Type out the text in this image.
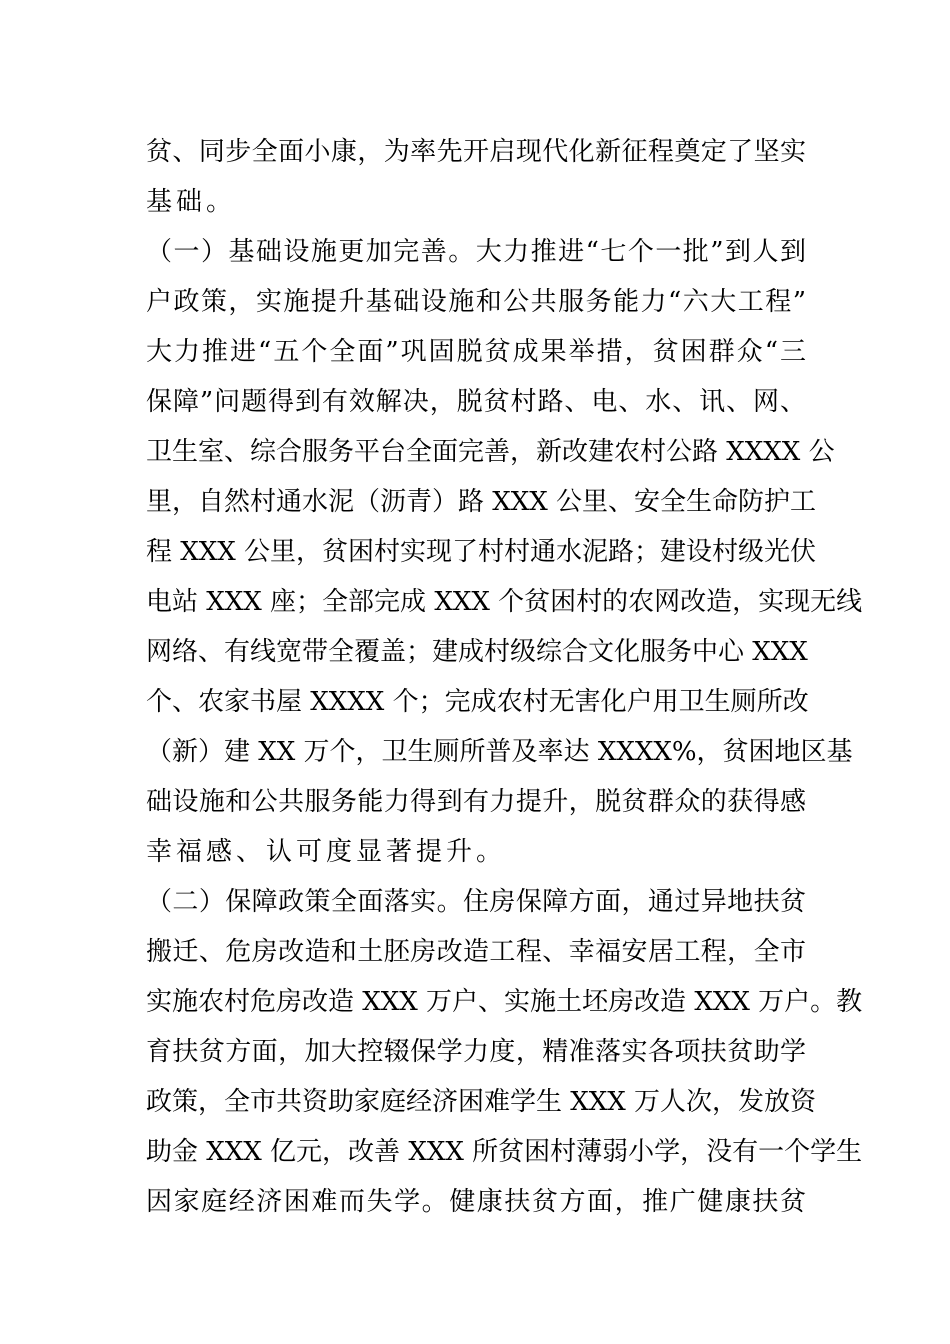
贫、同步全面小康，为率先开启现代化新征程奠定了坚实
基础。
（一）基础设施更加完善。大力推进“七个一批”到人到
户政策，实施提升基础设施和公共服务能力“六大工程”
大力推进“五个全面”巩固脱贫成果举措，贫困群众“三
保障”问题得到有效解决，脱贫村路、电、水、讯、网、
卫生室、综合服务平台全面完善，新改建农村公路 XXXX 公
里，自然村通水泥（沥青）路 XXX 公里、安全生命防护工
程 XXX 公里，贫困村实现了村村通水泥路；建设村级光伏
电站 XXX 座；全部完成 XXX 个贫困村的农网改造，实现无线
网络、有线宽带全覆盖；建成村级综合文化服务中心 XXX
个、农家书屋 XXXX 个；完成农村无害化户用卫生厕所改
（新）建 XX 万个，卫生厕所普及率达 XXXX%，贫困地区基
础设施和公共服务能力得到有力提升，脱贫群众的获得感
幸福感、认可度显著提升。
（二）保障政策全面落实。住房保障方面，通过异地扶贫
搬迁、危房改造和土胚房改造工程、幸福安居工程，全市
实施农村危房改造 XXX 万户、实施土坯房改造 XXX 万户。教
育扶贫方面，加大控辍保学力度，精准落实各项扶贫助学
政策，全市共资助家庭经济困难学生 XXX 万人次，发放资
助金 XXX 亿元，改善 XXX 所贫困村薄弱小学，没有一个学生
因家庭经济困难而失学。健康扶贫方面，推广健康扶贫
